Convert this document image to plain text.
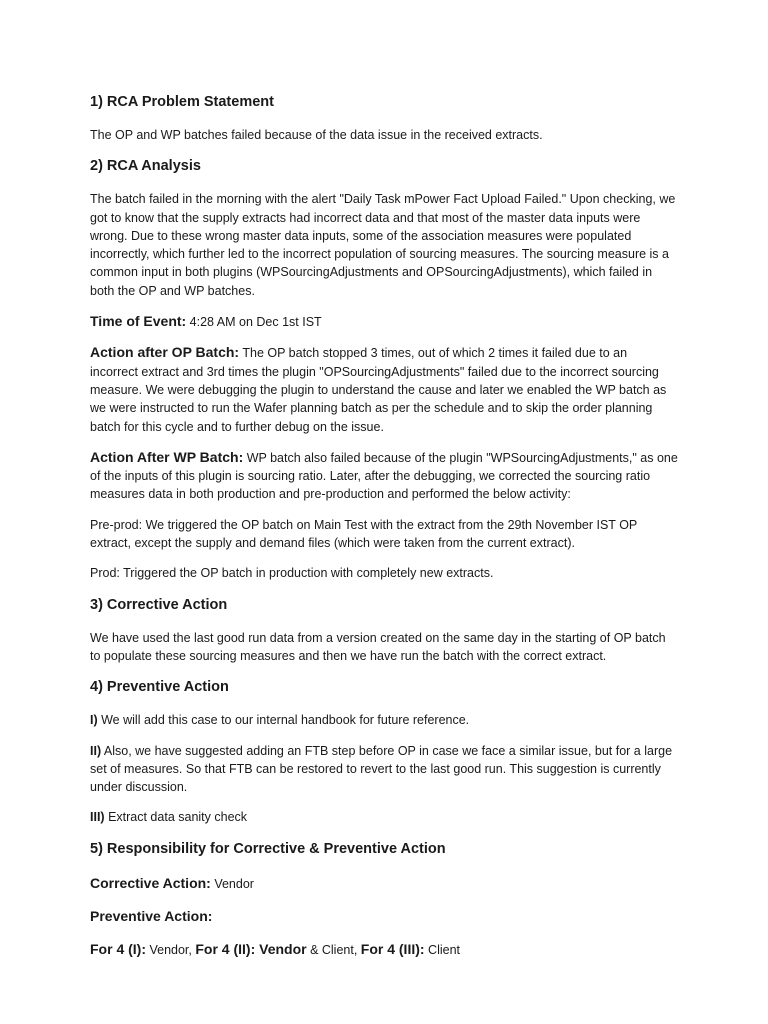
1) RCA Problem Statement

The OP and WP batches failed because of the data issue in the received extracts.

2) RCA Analysis

The batch failed in the morning with the alert "Daily Task mPower Fact Upload Failed." Upon checking, we got to know that the supply extracts had incorrect data and that most of the master data inputs were wrong. Due to these wrong master data inputs, some of the association measures were populated incorrectly, which further led to the incorrect population of sourcing measures. The sourcing measure is a common input in both plugins (WPSourcingAdjustments and OPSourcingAdjustments), which failed in both the OP and WP batches.

Time of Event: 4:28 AM on Dec 1st IST

Action after OP Batch: The OP batch stopped 3 times, out of which 2 times it failed due to an incorrect extract and 3rd times the plugin "OPSourcingAdjustments" failed due to the incorrect sourcing measure. We were debugging the plugin to understand the cause and later we enabled the WP batch as we were instructed to run the Wafer planning batch as per the schedule and to skip the order planning batch for this cycle and to further debug on the issue.

Action After WP Batch: WP batch also failed because of the plugin "WPSourcingAdjustments," as one of the inputs of this plugin is sourcing ratio. Later, after the debugging, we corrected the sourcing ratio measures data in both production and pre-production and performed the below activity:

Pre-prod: We triggered the OP batch on Main Test with the extract from the 29th November IST OP extract, except the supply and demand files (which were taken from the current extract).

Prod: Triggered the OP batch in production with completely new extracts.

3) Corrective Action

We have used the last good run data from a version created on the same day in the starting of OP batch to populate these sourcing measures and then we have run the batch with the correct extract.

4) Preventive Action

I) We will add this case to our internal handbook for future reference.

II) Also, we have suggested adding an FTB step before OP in case we face a similar issue, but for a large set of measures. So that FTB can be restored to revert to the last good run. This suggestion is currently under discussion.

III) Extract data sanity check

5) Responsibility for Corrective & Preventive Action

Corrective Action: Vendor

Preventive Action:

For 4 (I): Vendor, For 4 (II): Vendor & Client, For 4 (III): Client
